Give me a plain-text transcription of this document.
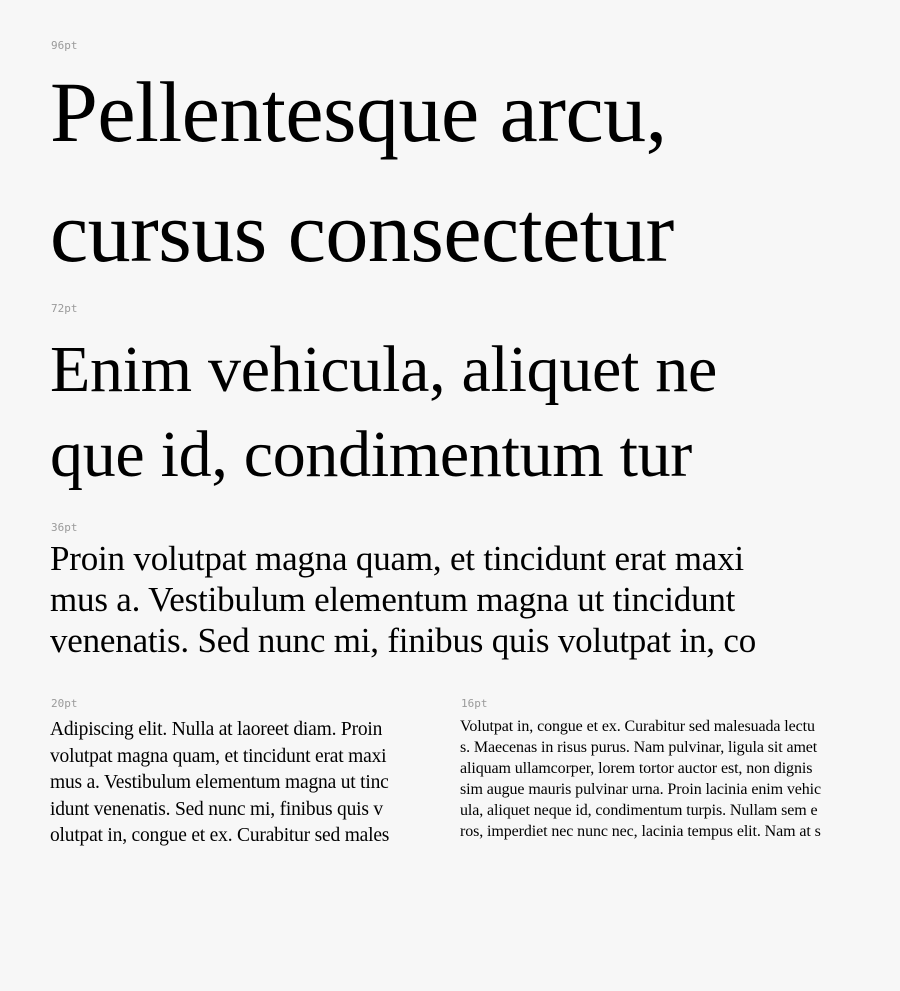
96pt

Pellentesque arcu,

cursus consectetur

72pt

Enim vehicula, aliquet ne

que id, condimentum tur

36pt

Proin volutpat magna quam, et tincidunt erat maxi

mus a. Vestibulum elementum magna ut tincidunt

venenatis. Sed nunc mi, finibus quis volutpat in, co

20pt
Adipiscing elit. Nulla at laoreet diam. Proin
volutpat magna quam, et tincidunt erat maxi
mus a. Vestibulum elementum magna ut tinc
idunt venenatis. Sed nunc mi, finibus quis v
olutpat in, congue et ex. Curabitur sed males
16pt
Volutpat in, congue et ex. Curabitur sed malesuada lectu
s. Maecenas in risus purus. Nam pulvinar, ligula sit amet
aliquam ullamcorper, lorem tortor auctor est, non dignis
sim augue mauris pulvinar urna. Proin lacinia enim vehic
ula, aliquet neque id, condimentum turpis. Nullam sem e
ros, imperdiet nec nunc nec, lacinia tempus elit. Nam at s
